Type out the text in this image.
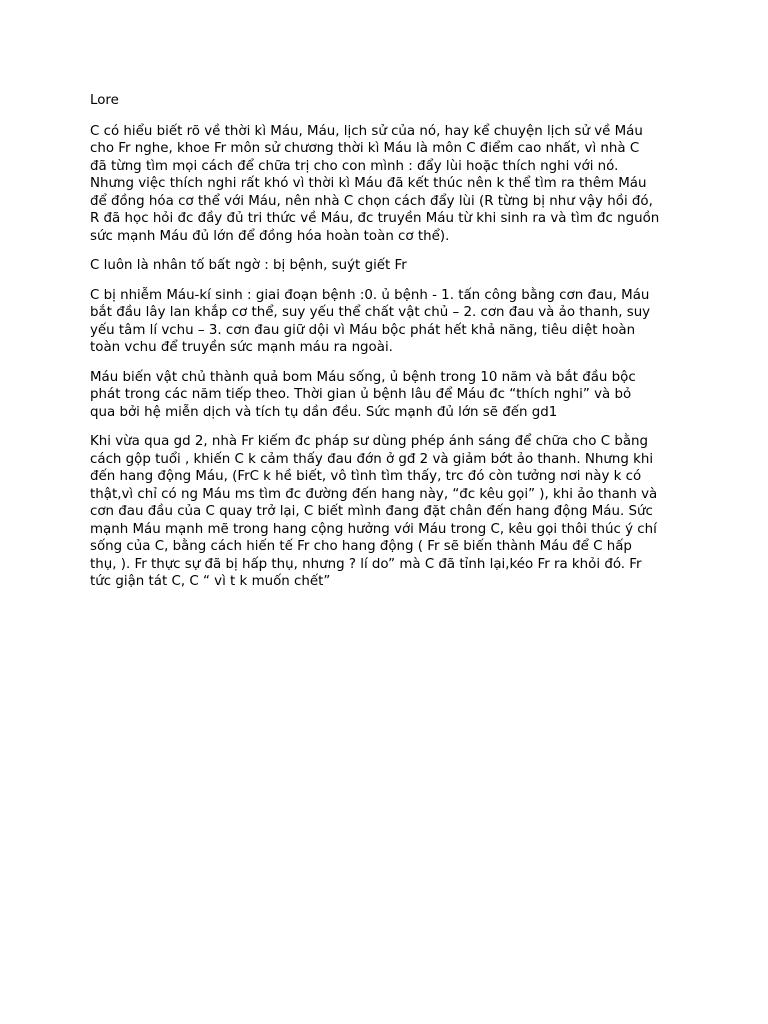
Lore
C có hiểu biết rõ về thời kì Máu, Máu, lịch sử của nó, hay kể chuyện lịch sử về Máu
cho Fr nghe, khoe Fr môn sử chương thời kì Máu là môn C điểm cao nhất, vì nhà C
đã từng tìm mọi cách để chữa trị cho con mình : đẩy lùi hoặc thích nghi với nó.
Nhưng việc thích nghi rất khó vì thời kì Máu đã kết thúc nên k thể tìm ra thêm Máu
để đồng hóa cơ thể với Máu, nên nhà C chọn cách đẩy lùi (R từng bị như vậy hồi đó,
R đã học hỏi đc đầy đủ tri thức về Máu, đc truyền Máu từ khi sinh ra và tìm đc nguồn
sức mạnh Máu đủ lớn để đồng hóa hoàn toàn cơ thể).
C luôn là nhân tố bất ngờ : bị bệnh, suýt giết Fr
C bị nhiễm Máu-kí sinh : giai đoạn bệnh :0. ủ bệnh - 1. tấn công bằng cơn đau, Máu
bắt đầu lây lan khắp cơ thể, suy yếu thể chất vật chủ – 2. cơn đau và ảo thanh, suy
yếu tâm lí vchu – 3. cơn đau giữ dội vì Máu bộc phát hết khả năng, tiêu diệt hoàn
toàn vchu để truyền sức mạnh máu ra ngoài.
Máu biến vật chủ thành quả bom Máu sống, ủ bệnh trong 10 năm và bắt đầu bộc
phát trong các năm tiếp theo. Thời gian ủ bệnh lâu để Máu đc “thích nghi” và bỏ
qua bởi hệ miễn dịch và tích tụ dần đều. Sức mạnh đủ lớn sẽ đến gd1
Khi vừa qua gd 2, nhà Fr kiếm đc pháp sư dùng phép ánh sáng để chữa cho C bằng
cách gộp tuổi , khiến C k cảm thấy đau đớn ở gđ 2 và giảm bớt ảo thanh. Nhưng khi
đến hang động Máu, (FrC k hề biết, vô tình tìm thấy, trc đó còn tưởng nơi này k có
thật,vì chỉ có ng Máu ms tìm đc đường đến hang này, “đc kêu gọi” ), khi ảo thanh và
cơn đau đầu của C quay trở lại, C biết mình đang đặt chân đến hang động Máu. Sức
mạnh Máu mạnh mẽ trong hang cộng hưởng với Máu trong C, kêu gọi thôi thúc ý chí
sống của C, bằng cách hiến tế Fr cho hang động ( Fr sẽ biến thành Máu để C hấp
thụ, ). Fr thực sự đã bị hấp thụ, nhưng ? lí do” mà C đã tỉnh lại,kéo Fr ra khỏi đó. Fr
tức giận tát C, C “ vì t k muốn chết”
